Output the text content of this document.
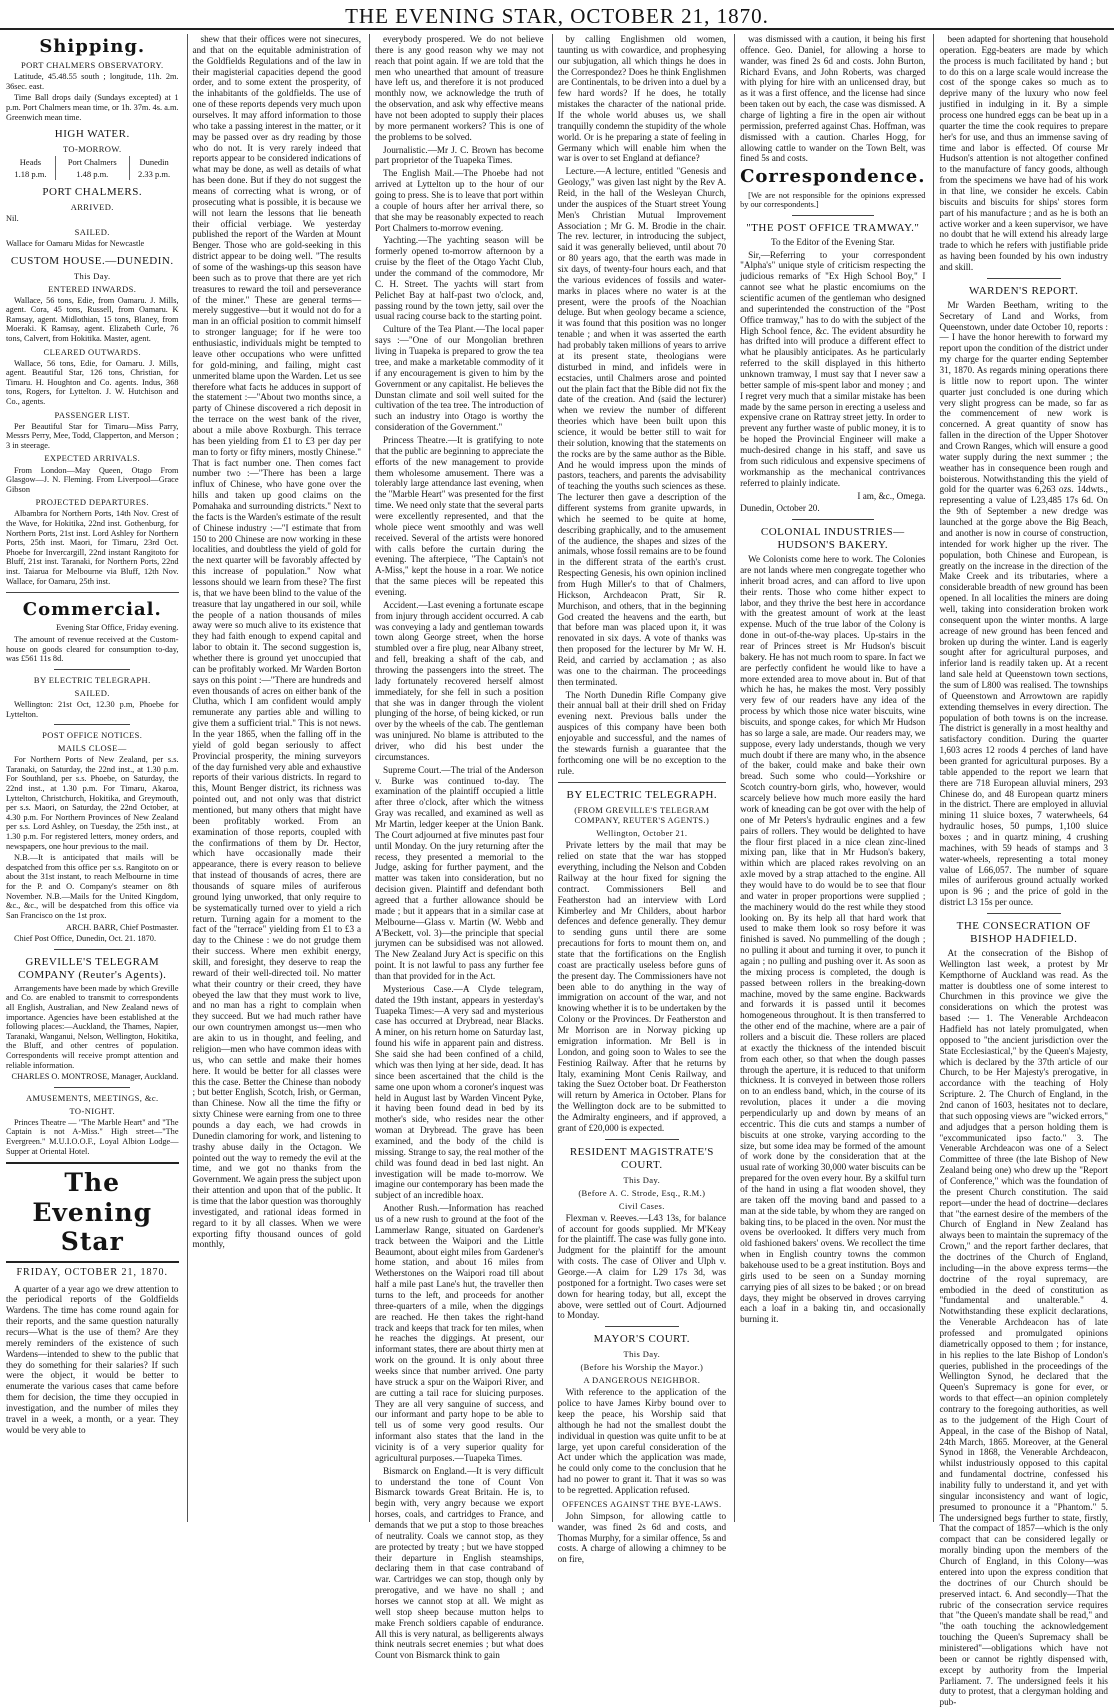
THE EVENING STAR, OCTOBER 21, 1870.
Shipping.
PORT CHALMERS OBSERVATORY.

Latitude, 45.48.55 south ; longitude, 11h. 2m. 36sec. east.

Time Ball drops daily (Sundays excepted) at 1 p.m. Port Chalmers mean time, or 1h. 37m. 4s. a.m. Greenwich mean time.

HIGH WATER.
TO-MORROW.
Heads	Port Chalmers	Dunedin
1.18 p.m.	1.48 p.m.	2.33 p.m.
PORT CHALMERS.
ARRIVED.

Nil.

SAILED.

Wallace for Oamaru Midas for Newcastle

CUSTOM HOUSE.—DUNEDIN.
This Day.
ENTERED INWARDS.

Wallace, 56 tons, Edie, from Oamaru. J. Mills, agent. Cora, 45 tons, Russell, from Oamaru. K Ramsay, agent. Midlothian, 15 tons, Blaney, from Moeraki. K Ramsay, agent. Elizabeth Curle, 76 tons, Calvert, from Hokitika. Master, agent.

CLEARED OUTWARDS.

Wallace, 56 tons, Edie, for Oamaru. J. Mills, agent. Beautiful Star, 126 tons, Christian, for Timaru. H. Houghton and Co. agents. Indus, 368 tons, Rogers, for Lyttelton. J. W. Hutchison and Co., agents.

PASSENGER LIST.

Per Beautiful Star for Timaru—Miss Parry, Messrs Perry, Mee, Todd, Clapperton, and Merson ; 3 in steerage.

EXPECTED ARRIVALS.

From London—May Queen, Otago From Glasgow—J. N. Fleming. From Liverpool—Grace Gibson

PROJECTED DEPARTURES.

Albambra for Northern Ports, 14th Nov. Crest of the Wave, for Hokitika, 22nd inst. Gothenburg, for Northern Ports, 21st inst. Lord Ashley for Northern Ports, 25th inst. Maori, for Timaru, 23rd Oct. Phoebe for Invercargill, 22nd instant Rangitoto for Bluff, 21st inst. Taranaki, for Northern Ports, 22nd inst. Taiarua for Melbourne via Bluff, 12th Nov. Wallace, for Oamaru, 25th inst.

Commercial.

Evening Star Office, Friday evening.

The amount of revenue received at the Custom-house on goods cleared for consumption to-day, was £561 11s 8d.

BY ELECTRIC TELEGRAPH.
SAILED.

Wellington: 21st Oct, 12.30 p.m, Phoebe for Lyttelton.

POST OFFICE NOTICES.
MAILS CLOSE—

For Northern Ports of New Zealand, per s.s. Taranaki, on Saturday, the 22nd inst., at 1.30 p.m. For Southland, per s.s. Phoebe, on Saturday, the 22nd inst., at 1.30 p.m. For Timaru, Akaroa, Lyttelton, Christchurch, Hokitika, and Greymouth, per s.s. Maori, on Saturday, the 22nd October, at 4.30 p.m. For Northern Provinces of New Zealand per s.s. Lord Ashley, on Tuesday, the 25th inst., at 1.30 p.m. For registered letters, money orders, and newspapers, one hour previous to the mail.

N.B.—It is anticipated that mails will be despatched from this office per s.s. Rangitoto on or about the 31st instant, to reach Melbourne in time for the P. and O. Company's steamer on 8th November. N.B.—Mails for the United Kingdom, &c., &c., will be despatched from this office via San Francisco on the 1st prox.

ARCH. BARR, Chief Postmaster.

Chief Post Office, Dunedin, Oct. 21. 1870.

GREVILLE'S TELEGRAM COMPANY (Reuter's Agents).

Arrangements have been made by which Greville and Co. are enabled to transmit to correspondents all English, Australian, and New Zealand news of importance. Agencies have been established at the following places:—Auckland, the Thames, Napier, Taranaki, Wanganui, Nelson, Wellington, Hokitika, the Bluff, and other centres of population. Correspondents will receive prompt attention and reliable information.

CHARLES O. MONTROSE, Manager, Auckland.

AMUSEMENTS, MEETINGS, &c.
TO-NIGHT.

Princes Theatre — "The Marble Heart" and "The Captain is not A-Miss." High street—"The Evergreen." M.U.I.O.O.F., Loyal Albion Lodge—Supper at Oriental Hotel.

The Evening Star
FRIDAY, OCTOBER 21, 1870.

A quarter of a year ago we drew attention to the periodical reports of the Goldfields Wardens. The time has come round again for their reports, and the same question naturally recurs—What is the use of them? Are they merely reminders of the existence of such Wardens—intended to shew to the public that they do something for their salaries? If such were the object, it would be better to enumerate the various cases that came before them for decision, the time they occupied in investigation, and the number of miles they travel in a week, a month, or a year. They would be very able to

shew that their offices were not sinecures, and that on the equitable administration of the Goldfields Regulations and of the law in their magisterial capacities depend the good order, and to some extent the prosperity, of the inhabitants of the goldfields. The use of one of these reports depends very much upon ourselves. It may afford information to those who take a passing interest in the matter, or it may be passed over as dry reading by those who do not. It is very rarely indeed that reports appear to be considered indications of what may be done, as well as details of what has been done. But if they do not suggest the means of correcting what is wrong, or of prosecuting what is possible, it is because we will not learn the lessons that lie beneath their official verbiage. We yesterday published the report of the Warden at Mount Benger. Those who are gold-seeking in this district appear to be doing well. "The results of some of the washings-up this season have been such as to prove that there are yet rich treasures to reward the toil and perseverance of the miner." These are general terms—merely suggestive—but it would not do for a man in an official position to commit himself to stronger language; for if he were too enthusiastic, individuals might be tempted to leave other occupations who were unfitted for gold-mining, and failing, might cast unmerited blame upon the Warden. Let us see therefore what facts he adduces in support of the statement :—"About two months since, a party of Chinese discovered a rich deposit in the terrace on the west bank of the river, about a mile above Roxburgh. This terrace has been yielding from £1 to £3 per day per man to forty or fifty miners, mostly Chinese." That is fact number one. Then comes fact number two :—"There has been a large influx of Chinese, who have gone over the hills and taken up good claims on the Pomahaka and surrounding districts." Next to the facts is the Warden's estimate of the result of Chinese industry :—"I estimate that from 150 to 200 Chinese are now working in these localities, and doubtless the yield of gold for the next quarter will be favorably affected by this increase of population." Now what lessons should we learn from these? The first is, that we have been blind to the value of the treasure that lay ungathered in our soil, while the people of a nation thousands of miles away were so much alive to its existence that they had faith enough to expend capital and labor to obtain it. The second suggestion is, whether there is ground yet unoccupied that can be profitably worked. Mr Warden Borton says on this point :—"There are hundreds and even thousands of acres on either bank of the Clutha, which I am confident would amply remunerate any parties able and willing to give them a sufficient trial." This is not news. In the year 1865, when the falling off in the yield of gold began seriously to affect Provincial prosperity, the mining surveyors of the day furnished very able and exhaustive reports of their various districts. In regard to this, Mount Benger district, its richness was pointed out, and not only was that district mentioned, but many others that might have been profitably worked. From an examination of those reports, coupled with the confirmations of them by Dr. Hector, which have occasionally made their appearance, there is every reason to believe that instead of thousands of acres, there are thousands of square miles of auriferous ground lying unworked, that only require to be systematically turned over to yield a rich return. Turning again for a moment to the fact of the "terrace" yielding from £1 to £3 a day to the Chinese : we do not grudge them their success. Where men exhibit energy, skill, and foresight, they deserve to reap the reward of their well-directed toil. No matter what their country or their creed, they have obeyed the law that they must work to live, and no man has a right to complain when they succeed. But we had much rather have our own countrymen amongst us—men who are akin to us in thought, and feeling, and religion—men who have common ideas with us, who can settle and make their homes here. It would be better for all classes were this the case. Better the Chinese than nobody ; but better English, Scotch, Irish, or German, than Chinese. Now all the time the fifty or sixty Chinese were earning from one to three pounds a day each, we had crowds in Dunedin clamoring for work, and listening to trashy abuse daily in the Octagon. We pointed out the way to remedy the evil at the time, and we got no thanks from the Government. We again press the subject upon their attention and upon that of the public. It is time that the labor question was thoroughly investigated, and rational ideas formed in regard to it by all classes. When we were exporting fifty thousand ounces of gold monthly,

everybody prospered. We do not believe there is any good reason why we may not reach that point again. If we are told that the men who unearthed that amount of treasure have left us, and therefore it is not produced monthly now, we acknowledge the truth of the observation, and ask why effective means have not been adopted to supply their places by more permanent workers? This is one of the problems to be solved.

Journalistic.—Mr J. C. Brown has become part proprietor of the Tuapeka Times.

The English Mail.—The Phoebe had not arrived at Lyttelton up to the hour of our going to press. She is to leave that port within a couple of hours after her arrival there, so that she may be reasonably expected to reach Port Chalmers to-morrow evening.

Yachting.—The yachting season will be formerly opened to-morrow afternoon by a cruise by the fleet of the Otago Yacht Club, under the command of the commodore, Mr C. H. Street. The yachts will start from Pelichet Bay at half-past two o'clock, and, passing round by the town jetty, sail over the usual racing course back to the starting point.

Culture of the Tea Plant.—The local paper says :—"One of our Mongolian brethren living in Tuapeka is prepared to grow the tea tree, and make a marketable commodity of it if any encouragement is given to him by the Government or any capitalist. He believes the Dunstan climate and soil well suited for the cultivation of the tea tree. The introduction of such an industry into Otago is worthy the consideration of the Government."

Princess Theatre.—It is gratifying to note that the public are beginning to appreciate the efforts of the new management to provide them wholesome amusement. There was a tolerably large attendance last evening, when the "Marble Heart" was presented for the first time. We need only state that the several parts were excellently represented, and that the whole piece went smoothly and was well received. Several of the artists were honored with calls before the curtain during the evening. The afterpiece, "The Captain's not A-Miss," kept the house in a roar. We notice that the same pieces will be repeated this evening.

Accident.—Last evening a fortunate escape from injury through accident occurred. A cab was conveying a lady and gentleman towards town along George street, when the horse stumbled over a fire plug, near Albany street, and fell, breaking a shaft of the cab, and throwing the passengers into the street. The lady fortunately recovered herself almost immediately, for she fell in such a position that she was in danger through the violent plunging of the horse, of being kicked, or run over by the wheels of the cab. The gentleman was uninjured. No blame is attributed to the driver, who did his best under the circumstances.

Supreme Court.—The trial of the Anderson v. Burke was continued to-day. The examination of the plaintiff occupied a little after three o'clock, after which the witness Gray was recalled, and examined as well as Mr Martin, ledger keeper at the Union Bank. The Court adjourned at five minutes past four until Monday. On the jury returning after the recess, they presented a memorial to the Judge, asking for further payment, and the matter was taken into consideration, but no decision given. Plaintiff and defendant both agreed that a further allowance should be made ; but it appears that in a similar case at Melbourne—Glass v. Martin (W. Webb and A'Beckett, vol. 3)—the principle that special jurymen can be subsidised was not allowed. The New Zealand Jury Act is specific on this point. It is not lawful to pass any further fee than that provided for in the Act.

Mysterious Case.—A Clyde telegram, dated the 19th instant, appears in yesterday's Tuapeka Times:—A very sad and mysterious case has occurred at Drybread, near Blacks. A miner, on his return home on Saturday last, found his wife in apparent pain and distress. She said she had been confined of a child, which was then lying at her side, dead. It has since been ascertained that the child is the same one upon whom a coroner's inquest was held in August last by Warden Vincent Pyke, it having been found dead in bed by its mother's side, who resides near the other woman at Drybread. The grave has been examined, and the body of the child is missing. Strange to say, the real mother of the child was found dead in bed last night. An investigation will be made to-morrow. We imagine our contemporary has been made the subject of an incredible hoax.

Another Rush.—Information has reached us of a new rush to ground at the foot of the Lammerlaw Range, situated on Gardener's track between the Waipori and the Little Beaumont, about eight miles from Gardener's home station, and about 16 miles from Wetherstones on the Waipori road till about half a mile past Lane's hut, the traveller then turns to the left, and proceeds for another three-quarters of a mile, when the diggings are reached. He then takes the right-hand track and keeps that track for ten miles, when he reaches the diggings. At present, our informant states, there are about thirty men at work on the ground. It is only about three weeks since that number arrived. One party have struck a spur on the Waipori River, and are cutting a tail race for sluicing purposes. They are all very sanguine of success, and our informant and party hope to be able to tell us of some very good results. Our informant also states that the land in the vicinity is of a very superior quality for agricultural purposes.—Tuapeka Times.

Bismarck on England.—It is very difficult to understand the tone of Count Von Bismarck towards Great Britain. He is, to begin with, very angry because we export horses, coals, and cartridges to France, and demands that we put a stop to those breaches of neutrality. Coals we cannot stop, as they are protected by treaty ; but we have stopped their departure in English steamships, declaring them in that case contraband of war. Cartridges we can stop, though only by prerogative, and we have no shall ; and horses we cannot stop at all. We might as well stop sheep because mutton helps to make French soldiers capable of endurance. All this is very natural, as belligerents always think neutrals secret enemies ; but what does Count von Bismarck think to gain

by calling Englishmen old women, taunting us with cowardice, and prophesying our subjugation, all which things he does in the Correspondez? Does he think Englishmen are Continentals, to be driven into a duel by a few hard words? If he does, he totally mistakes the character of the national pride. If the whole world abuses us, we shall tranquilly condemn the stupidity of the whole world. Or is he preparing a state of feeling in Germany which will enable him when the war is over to set England at defiance?

Lecture.—A lecture, entitled "Genesis and Geology," was given last night by the Rev A. Reid, in the hall of the Wesleyan Church, under the auspices of the Stuart street Young Men's Christian Mutual Improvement Association ; Mr G. M. Brodie in the chair. The rev. lecturer, in introducing the subject, said it was generally believed, until about 70 or 80 years ago, that the earth was made in six days, of twenty-four hours each, and that the various evidences of fossils and water-marks in places where no water is at the present, were the proofs of the Noachian deluge. But when geology became a science, it was found that this position was no longer tenable ; and when it was asserted the earth had probably taken millions of years to arrive at its present state, theologians were disturbed in mind, and infidels were in ecstacies, until Chalmers arose and pointed out the plain fact that the Bible did not fix the date of the creation. And (said the lecturer) when we review the number of different theories which have been built upon this science, it would be better still to wait for their solution, knowing that the statements on the rocks are by the same author as the Bible. And he would impress upon the minds of pastors, teachers, and parents the advisability of teaching the youths such sciences as these. The lecturer then gave a description of the different systems from granite upwards, in which he seemed to be quite at home, describing graphically, and to the amusement of the audience, the shapes and sizes of the animals, whose fossil remains are to be found in the different strata of the earth's crust. Respecting Genesis, his own opinion inclined from Hugh Miller's to that of Chalmers, Hickson, Archdeacon Pratt, Sir R. Murchison, and others, that in the beginning God created the heavens and the earth, but that before man was placed upon it, it was renovated in six days. A vote of thanks was then proposed for the lecturer by Mr W. H. Reid, and carried by acclamation ; as also was one to the chairman. The proceedings then terminated.

The North Dunedin Rifle Company give their annual ball at their drill shed on Friday evening next. Previous balls under the auspices of this company have been both enjoyable and successful, and the names of the stewards furnish a guarantee that the forthcoming one will be no exception to the rule.

BY ELECTRIC TELEGRAPH.
(FROM GREVILLE'S TELEGRAM COMPANY, REUTER'S AGENTS.)
Wellington, October 21.

Private letters by the mail that may be relied on state that the war has stopped everything, including the Nelson and Cobden Railway at the hour fixed for signing the contract. Commissioners Bell and Featherston had an interview with Lord Kimberley and Mr Childers, about harbor defences and defence generally. They demur to sending guns until there are some precautions for forts to mount them on, and state that the fortifications on the English coast are practically useless before guns of the present day. The Commissioners have not been able to do anything in the way of immigration on account of the war, and not knowing whether it is to be undertaken by the Colony or the Provinces. Dr Featherston and Mr Morrison are in Norway picking up emigration information. Mr Bell is in London, and going soon to Wales to see the Festiniog Railway. After that he returns by Italy, examining Mont Cenis Railway, and taking the Suez October boat. Dr Featherston will return by America in October. Plans for the Wellington dock are to be submitted to the Admiralty engineers, and if approved, a grant of £20,000 is expected.

RESIDENT MAGISTRATE'S COURT.
This Day.
(Before A. C. Strode, Esq., R.M.)
Civil Cases.

Flexman v. Reeves.—L43 13s, for balance of account for goods supplied. Mr M'Keay for the plaintiff. The case was fully gone into. Judgment for the plaintiff for the amount with costs. The case of Oliver and Ulph v. George.—A claim for L29 17s 3d, was postponed for a fortnight. Two cases were set down for hearing today, but all, except the above, were settled out of Court. Adjourned to Monday.

MAYOR'S COURT.
This Day.
(Before his Worship the Mayor.)
A DANGEROUS NEIGHBOR.

With reference to the application of the police to have James Kirby bound over to keep the peace, his Worship said that although he had not the smallest doubt the individual in question was quite unfit to be at large, yet upon careful consideration of the Act under which the application was made, he could only come to the conclusion that he had no power to grant it. That it was so was to be regretted. Application refused.

OFFENCES AGAINST THE BYE-LAWS.

John Simpson, for allowing cattle to wander, was fined 2s 6d and costs, and Thomas Murphy, for a similar offence, 5s and costs. A charge of allowing a chimney to be on fire,

was dismissed with a caution, it being his first offence. Geo. Daniel, for allowing a horse to wander, was fined 2s 6d and costs. John Burton, Richard Evans, and John Roberts, was charged with plying for hire with an unlicensed dray, but as it was a first offence, and the license had since been taken out by each, the case was dismissed. A charge of lighting a fire in the open air without permission, preferred against Chas. Hoffman, was dismissed with a caution. Charles Hogg, for allowing cattle to wander on the Town Belt, was fined 5s and costs.

Correspondence.

[We are not responsible for the opinions expressed by our correspondents.]

"THE POST OFFICE TRAMWAY."

To the Editor of the Evening Star.

Sir,—Referring to your correspondent "Alpha's" unique style of criticism respecting the judicious remarks of "Ex High School Boy," I cannot see what he plastic encomiums on the scientific acumen of the gentleman who designed and superintended the construction of the "Post Office tramway," has to do with the subject of the High School fence, &c. The evident absurdity he has drifted into will produce a different effect to what he plausibly anticipates. As he particularly referred to the skill displayed in this hitherto unknown tramway, I must say that I never saw a better sample of mis-spent labor and money ; and I regret very much that a similar mistake has been made by the same person in erecting a useless and expensive crane on Rattray street jetty. In order to prevent any further waste of public money, it is to be hoped the Provincial Engineer will make a much-desired change in his staff, and save us from such ridiculous and expensive specimens of workmanship as the mechanical contrivances referred to plainly indicate.

I am, &c., Omega.

Dunedin, October 20.

COLONIAL INDUSTRIES—HUDSON'S BAKERY.

We Colonists come here to work. The Colonies are not lands where men congregate together who inherit broad acres, and can afford to live upon their rents. Those who come hither expect to labor, and they thrive the best here in accordance with the greatest amount of work at the least expense. Much of the true labor of the Colony is done in out-of-the-way places. Up-stairs in the rear of Princes street is Mr Hudson's biscuit bakery. He has not much room to spare. In fact we are perfectly confident he would like to have a more extended area to move about in. But of that which he has, he makes the most. Very possibly very few of our readers have any idea of the process by which those nice water biscuits, wine biscuits, and sponge cakes, for which Mr Hudson has so large a sale, are made. Our readers may, we suppose, every lady understands, though we very much doubt if there are many who, in the absence of the baker, could make and bake their own bread. Such some who could—Yorkshire or Scotch country-born girls, who, however, would scarcely believe how much more easily the hard work of kneading can be got over with the help of one of Mr Peters's hydraulic engines and a few pairs of rollers. They would be delighted to have the flour first placed in a nice clean zinc-lined mixing pan, like that in Mr Hudson's bakery, within which are placed rakes revolving on an axle moved by a strap attached to the engine. All they would have to do would be to see that flour and water in proper proportions were supplied ; the machinery would do the rest while they stood looking on. By its help all that hard work that used to make them look so rosy before it was finished is saved. No pummelling of the dough ; no pulling it about and turning it over, to punch it again ; no pulling and pushing over it. As soon as the mixing process is completed, the dough is passed between rollers in the breaking-down machine, moved by the same engine. Backwards and forwards it is passed until it becomes homogeneous throughout. It is then transferred to the other end of the machine, where are a pair of rollers and a biscuit die. These rollers are placed at exactly the thickness of the intended biscuit from each other, so that when the dough passes through the aperture, it is reduced to that uniform thickness. It is conveyed in between those rollers on to an endless band, which, in the course of its revolution, places it under a die moving perpendicularly up and down by means of an eccentric. This die cuts and stamps a number of biscuits at one stroke, varying according to the size, but some idea may be formed of the amount of work done by the consideration that at the usual rate of working 30,000 water biscuits can be prepared for the oven every hour. By a skilful turn of the hand in using a flat wooden shovel, they are taken off the moving band and passed to a man at the side table, by whom they are ranged on baking tins, to be placed in the oven. Nor must the ovens be overlooked. It differs very much from old fashioned bakers' ovens. We recollect the time when in English country towns the common bakehouse used to be a great institution. Boys and girls used to be seen on a Sunday morning carrying pies of all sizes to be baked ; or on bread days, they might be observed in droves carrying each a loaf in a baking tin, and occasionally burning it.

been adapted for shortening that household operation. Egg-beaters are made by which the process is much facilitated by hand ; but to do this on a large scale would increase the cost of the sponge cakes so much as to deprive many of the luxury who now feel justified in indulging in it. By a simple process one hundred eggs can be beat up in a quarter the time the cook requires to prepare her's for use, and thus an immense saving of time and labor is effected. Of course Mr Hudson's attention is not altogether confined to the manufacture of fancy goods, although from the specimens we have had of his work in that line, we consider he excels. Cabin biscuits and biscuits for ships' stores form part of his manufacture ; and as he is both an active worker and a keen supervisor, we have no doubt that he will extend his already large trade to which he refers with justifiable pride as having been founded by his own industry and skill.

WARDEN'S REPORT.

Mr Warden Beetham, writing to the Secretary of Land and Works, from Queenstown, under date October 10, reports :— I have the honor herewith to forward my report upon the condition of the district under my charge for the quarter ending September 31, 1870. As regards mining operations there is little now to report upon. The winter quarter just concluded is one during which very slight progress can be made, so far as the commencement of new work is concerned. A great quantity of snow has fallen in the direction of the Upper Shotover and Crown Ranges, which will ensure a good water supply during the next summer ; the weather has in consequence been rough and boisterous. Notwithstanding this the yield of gold for the quarter was 6,263 ozs. 14dwts., representing a value of L23,485 17s 6d. On the 9th of September a new dredge was launched at the gorge above the Big Beach, and another is now in course of construction, intended for work higher up the river. The population, both Chinese and European, is greatly on the increase in the direction of the Make Creek and its tributaries, where a considerable breadth of new ground has been opened. In all localities the miners are doing well, taking into consideration broken work consequent upon the winter months. A large acreage of new ground has been fenced and broken up during the winter. Land is eagerly sought after for agricultural purposes, and inferior land is readily taken up. At a recent land sale held at Queenstown town sections, the sum of L800 was realised. The townships of Queenstown and Arrowtown are rapidly extending themselves in every direction. The population of both towns is on the increase. The district is generally in a most healthy and satisfactory condition. During the quarter 1,603 acres 12 roods 4 perches of land have been granted for agricultural purposes. By a table appended to the report we learn that there are 718 European alluvial miners, 293 Chinese do, and 48 European quartz miners in the district. There are employed in alluvial mining 11 sluice boxes, 7 waterwheels, 64 hydraulic hoses, 50 pumps, 1,100 sluice boxes ; and in quartz mining, 4 crushing machines, with 59 heads of stamps and 3 water-wheels, representing a total money value of L66,057. The number of square miles of auriferous ground actually worked upon is 96 ; and the price of gold in the district L3 15s per ounce.

THE CONSECRATION OF BISHOP HADFIELD.

At the consecration of the Bishop of Wellington last week, a protest by Mr Kempthorne of Auckland was read. As the matter is doubtless one of some interest to Churchmen in this province we give the considerations on which the protest was based :— 1. The Venerable Archdeacon Hadfield has not lately promulgated, when opposed to "the ancient jurisdiction over the State Ecclesiastical," by the Queen's Majesty, which is declared by the 37th article of our Church, to be Her Majesty's prerogative, in accordance with the teaching of Holy Scripture. 2. The Church of England, in the 2nd canon of 1603, hesitates not to declare, that such opposing views are "wicked errors," and adjudges that a person holding them is "excommunicated ipso facto." 3. The Venerable Archdeacon was one of a Select Committee of three (the late Bishop of New Zealand being one) who drew up the "Report of Conference," which was the foundation of the present Church constitution. The said report—under the head of doctrine—declares that "the earnest desire of the members of the Church of England in New Zealand has always been to maintain the supremacy of the Crown," and the report farther declares, that the doctrines of the Church of England, including—in the above express terms—the doctrine of the royal supremacy, are embodied in the deed of constitution as "fundamental and unalterable." 4. Notwithstanding these explicit declarations, the Venerable Archdeacon has of late professed and promulgated opinions diametrically opposed to them ; for instance, in his replies to the late Bishop of London's queries, published in the proceedings of the Wellington Synod, he declared that the Queen's Supremacy is gone for ever, or words to that effect—an opinion completely contrary to the foregoing authorities, as well as to the judgement of the High Court of Appeal, in the case of the Bishop of Natal, 24th March, 1865. Moreover, at the General Synod in 1868, the Venerable Archdeacon, whilst industriously opposed to this capital and fundamental doctrine, confessed his inability fully to understand it, and yet with singular inconsistency and want of logic, presumed to pronounce it a "Phantom." 5. The undersigned begs further to state, firstly, That the compact of 1857—which is the only compact that can be considered legally or morally binding upon the members of the Church of England, in this Colony—was entered into upon the express condition that the doctrines of our Church should be preserved intact. 6. And secondly—That the rubric of the consecration service requires that "the Queen's mandate shall be read," and "the oath touching the acknowledgement touching the Queen's Supremacy shall be ministered"—obligations which have not been or cannot be rightly dispensed with, except by authority from the Imperial Parliament. 7. The undersigned feels it his duty to protest, that a clergyman holding and pub-
